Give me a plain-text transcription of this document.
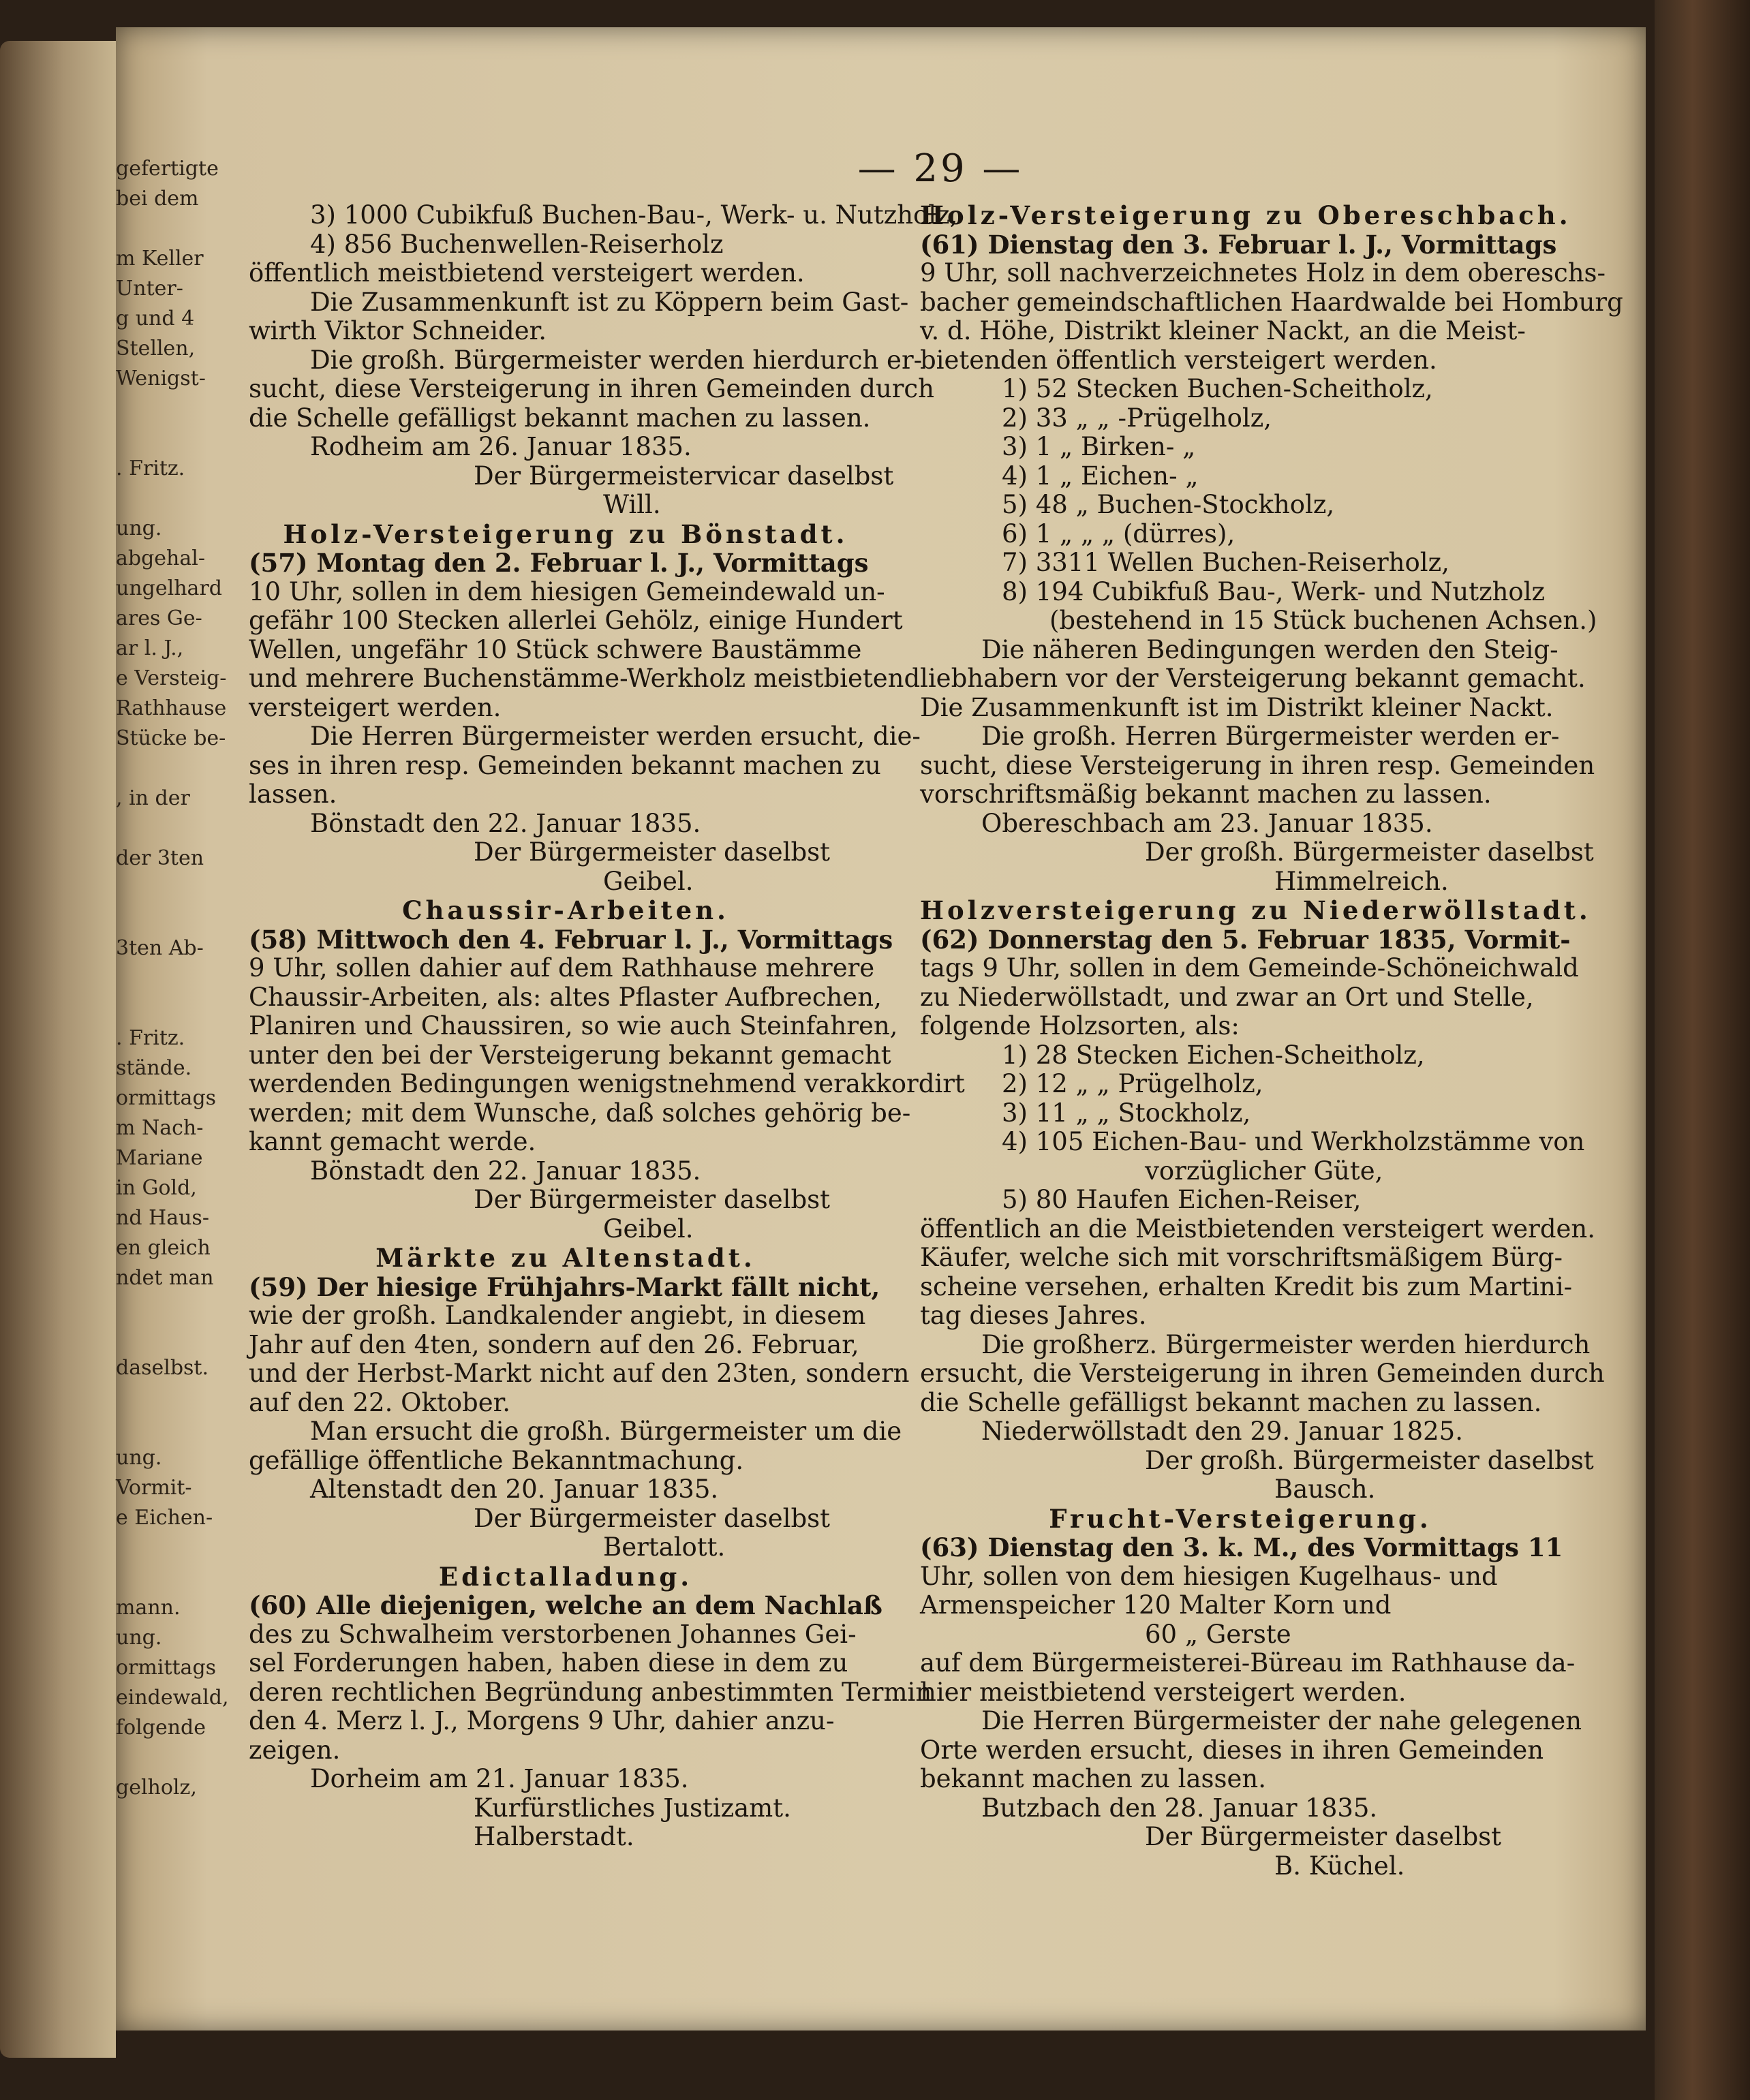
gefertigte
bei dem
m Keller
Unter-
g und 4
Stellen,
Wenigst-
. Fritz.
ung.
abgehal-
ungelhard
ares Ge-
ar l. J.,
e Versteig-
Rathhause
Stücke be-
, in der
der 3ten
3ten Ab-
. Fritz.
stände.
ormittags
m Nach-
Mariane
in Gold,
nd Haus-
en gleich
ndet man
daselbst.
ung.
Vormit-
e Eichen-
mann.
ung.
ormittags
eindewald,
folgende
gelholz,
— 29 —
3) 1000 Cubikfuß Buchen-Bau-, Werk- u. Nutzholz,
4) 856 Buchenwellen-Reiserholz
öffentlich meistbietend versteigert werden.
Die Zusammenkunft ist zu Köppern beim Gast-
wirth Viktor Schneider.
Die großh. Bürgermeister werden hierdurch er-
sucht, diese Versteigerung in ihren Gemeinden durch
die Schelle gefälligst bekannt machen zu lassen.
Rodheim am 26. Januar 1835.
Der Bürgermeistervicar daselbst
Will.
Holz-Versteigerung zu Bönstadt.
(57) Montag den 2. Februar l. J., Vormittags
10 Uhr, sollen in dem hiesigen Gemeindewald un-
gefähr 100 Stecken allerlei Gehölz, einige Hundert
Wellen, ungefähr 10 Stück schwere Baustämme
und mehrere Buchenstämme-Werkholz meistbietend
versteigert werden.
Die Herren Bürgermeister werden ersucht, die-
ses in ihren resp. Gemeinden bekannt machen zu
lassen.
Bönstadt den 22. Januar 1835.
Der Bürgermeister daselbst
Geibel.
Chaussir-Arbeiten.
(58) Mittwoch den 4. Februar l. J., Vormittags
9 Uhr, sollen dahier auf dem Rathhause mehrere
Chaussir-Arbeiten, als: altes Pflaster Aufbrechen,
Planiren und Chaussiren, so wie auch Steinfahren,
unter den bei der Versteigerung bekannt gemacht
werdenden Bedingungen wenigstnehmend verakkordirt
werden; mit dem Wunsche, daß solches gehörig be-
kannt gemacht werde.
Bönstadt den 22. Januar 1835.
Der Bürgermeister daselbst
Geibel.
Märkte zu Altenstadt.
(59) Der hiesige Frühjahrs-Markt fällt nicht,
wie der großh. Landkalender angiebt, in diesem
Jahr auf den 4ten, sondern auf den 26. Februar,
und der Herbst-Markt nicht auf den 23ten, sondern
auf den 22. Oktober.
Man ersucht die großh. Bürgermeister um die
gefällige öffentliche Bekanntmachung.
Altenstadt den 20. Januar 1835.
Der Bürgermeister daselbst
Bertalott.
Edictalladung.
(60) Alle diejenigen, welche an dem Nachlaß
des zu Schwalheim verstorbenen Johannes Gei-
sel Forderungen haben, haben diese in dem zu
deren rechtlichen Begründung anbestimmten Termin
den 4. Merz l. J., Morgens 9 Uhr, dahier anzu-
zeigen.
Dorheim am 21. Januar 1835.
Kurfürstliches Justizamt.
Halberstadt.
Holz-Versteigerung zu Obereschbach.
(61) Dienstag den 3. Februar l. J., Vormittags
9 Uhr, soll nachverzeichnetes Holz in dem obereschs-
bacher gemeindschaftlichen Haardwalde bei Homburg
v. d. Höhe, Distrikt kleiner Nackt, an die Meist-
bietenden öffentlich versteigert werden.
1) 52 Stecken Buchen-Scheitholz,
2) 33 „ „ -Prügelholz,
3) 1 „ Birken- „
4) 1 „ Eichen- „
5) 48 „ Buchen-Stockholz,
6) 1 „ „ „ (dürres),
7) 3311 Wellen Buchen-Reiserholz,
8) 194 Cubikfuß Bau-, Werk- und Nutzholz
(bestehend in 15 Stück buchenen Achsen.)
Die näheren Bedingungen werden den Steig-
liebhabern vor der Versteigerung bekannt gemacht.
Die Zusammenkunft ist im Distrikt kleiner Nackt.
Die großh. Herren Bürgermeister werden er-
sucht, diese Versteigerung in ihren resp. Gemeinden
vorschriftsmäßig bekannt machen zu lassen.
Obereschbach am 23. Januar 1835.
Der großh. Bürgermeister daselbst
Himmelreich.
Holzversteigerung zu Niederwöllstadt.
(62) Donnerstag den 5. Februar 1835, Vormit-
tags 9 Uhr, sollen in dem Gemeinde-Schöneichwald
zu Niederwöllstadt, und zwar an Ort und Stelle,
folgende Holzsorten, als:
1) 28 Stecken Eichen-Scheitholz,
2) 12 „ „ Prügelholz,
3) 11 „ „ Stockholz,
4) 105 Eichen-Bau- und Werkholzstämme von
vorzüglicher Güte,
5) 80 Haufen Eichen-Reiser,
öffentlich an die Meistbietenden versteigert werden.
Käufer, welche sich mit vorschriftsmäßigem Bürg-
scheine versehen, erhalten Kredit bis zum Martini-
tag dieses Jahres.
Die großherz. Bürgermeister werden hierdurch
ersucht, die Versteigerung in ihren Gemeinden durch
die Schelle gefälligst bekannt machen zu lassen.
Niederwöllstadt den 29. Januar 1825.
Der großh. Bürgermeister daselbst
Bausch.
Frucht-Versteigerung.
(63) Dienstag den 3. k. M., des Vormittags 11
Uhr, sollen von dem hiesigen Kugelhaus- und
Armenspeicher 120 Malter Korn und
60 „ Gerste
auf dem Bürgermeisterei-Büreau im Rathhause da-
hier meistbietend versteigert werden.
Die Herren Bürgermeister der nahe gelegenen
Orte werden ersucht, dieses in ihren Gemeinden
bekannt machen zu lassen.
Butzbach den 28. Januar 1835.
Der Bürgermeister daselbst
B. Küchel.
